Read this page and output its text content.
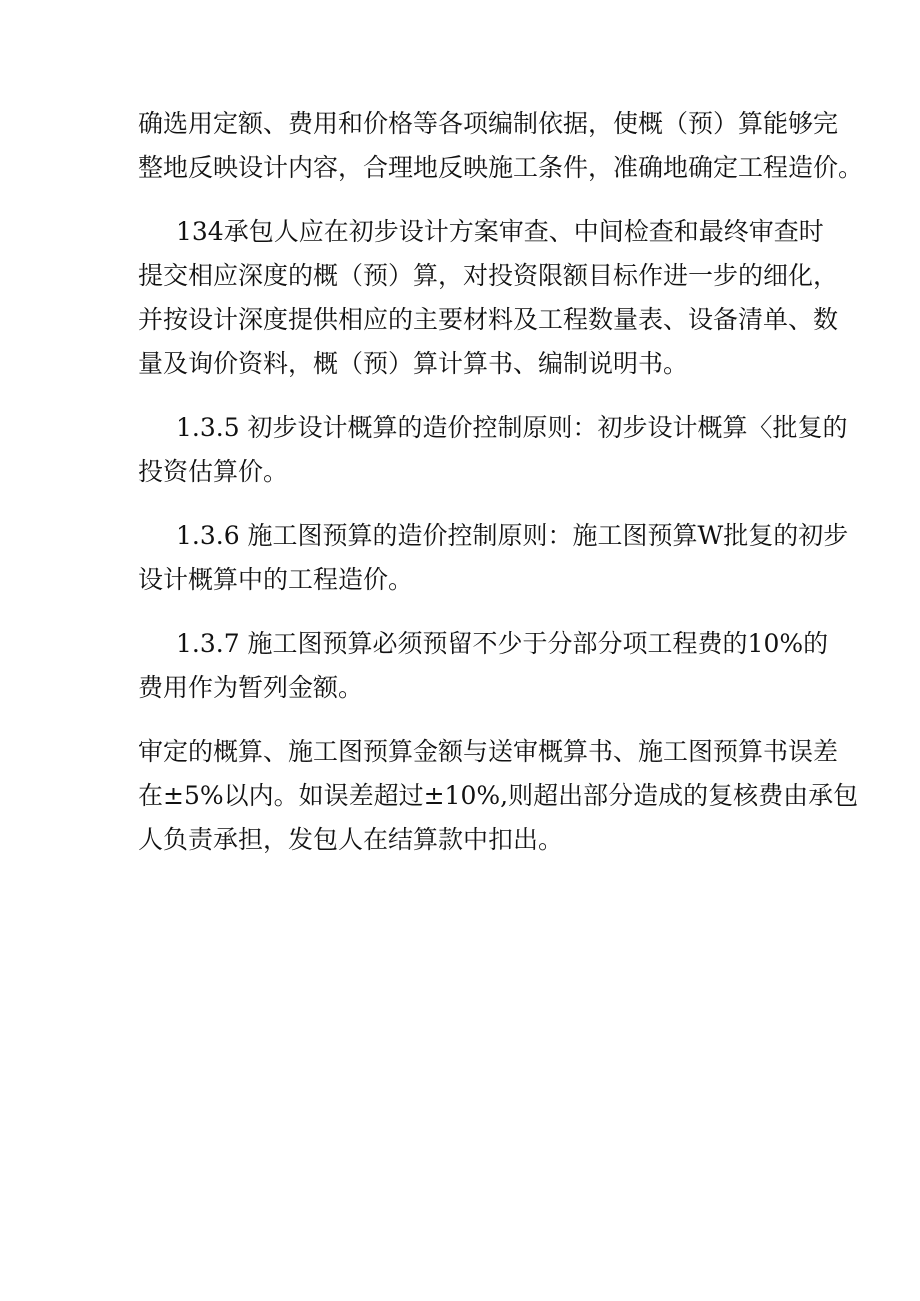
确选用定额、费用和价格等各项编制依据，使概（预）算能够完
整地反映设计内容，合理地反映施工条件，准确地确定工程造价。
134承包人应在初步设计方案审查、中间检查和最终审查时
提交相应深度的概（预）算，对投资限额目标作进一步的细化，
并按设计深度提供相应的主要材料及工程数量表、设备清单、数
量及询价资料，概（预）算计算书、编制说明书。
1.3.5 初步设计概算的造价控制原则：初步设计概算〈批复的
投资估算价。
1.3.6 施工图预算的造价控制原则：施工图预算W批复的初步
设计概算中的工程造价。
1.3.7 施工图预算必须预留不少于分部分项工程费的10%的
费用作为暂列金额。
审定的概算、施工图预算金额与送审概算书、施工图预算书误差
在±5%以内。如误差超过±10%,则超出部分造成的复核费由承包
人负责承担，发包人在结算款中扣出。
